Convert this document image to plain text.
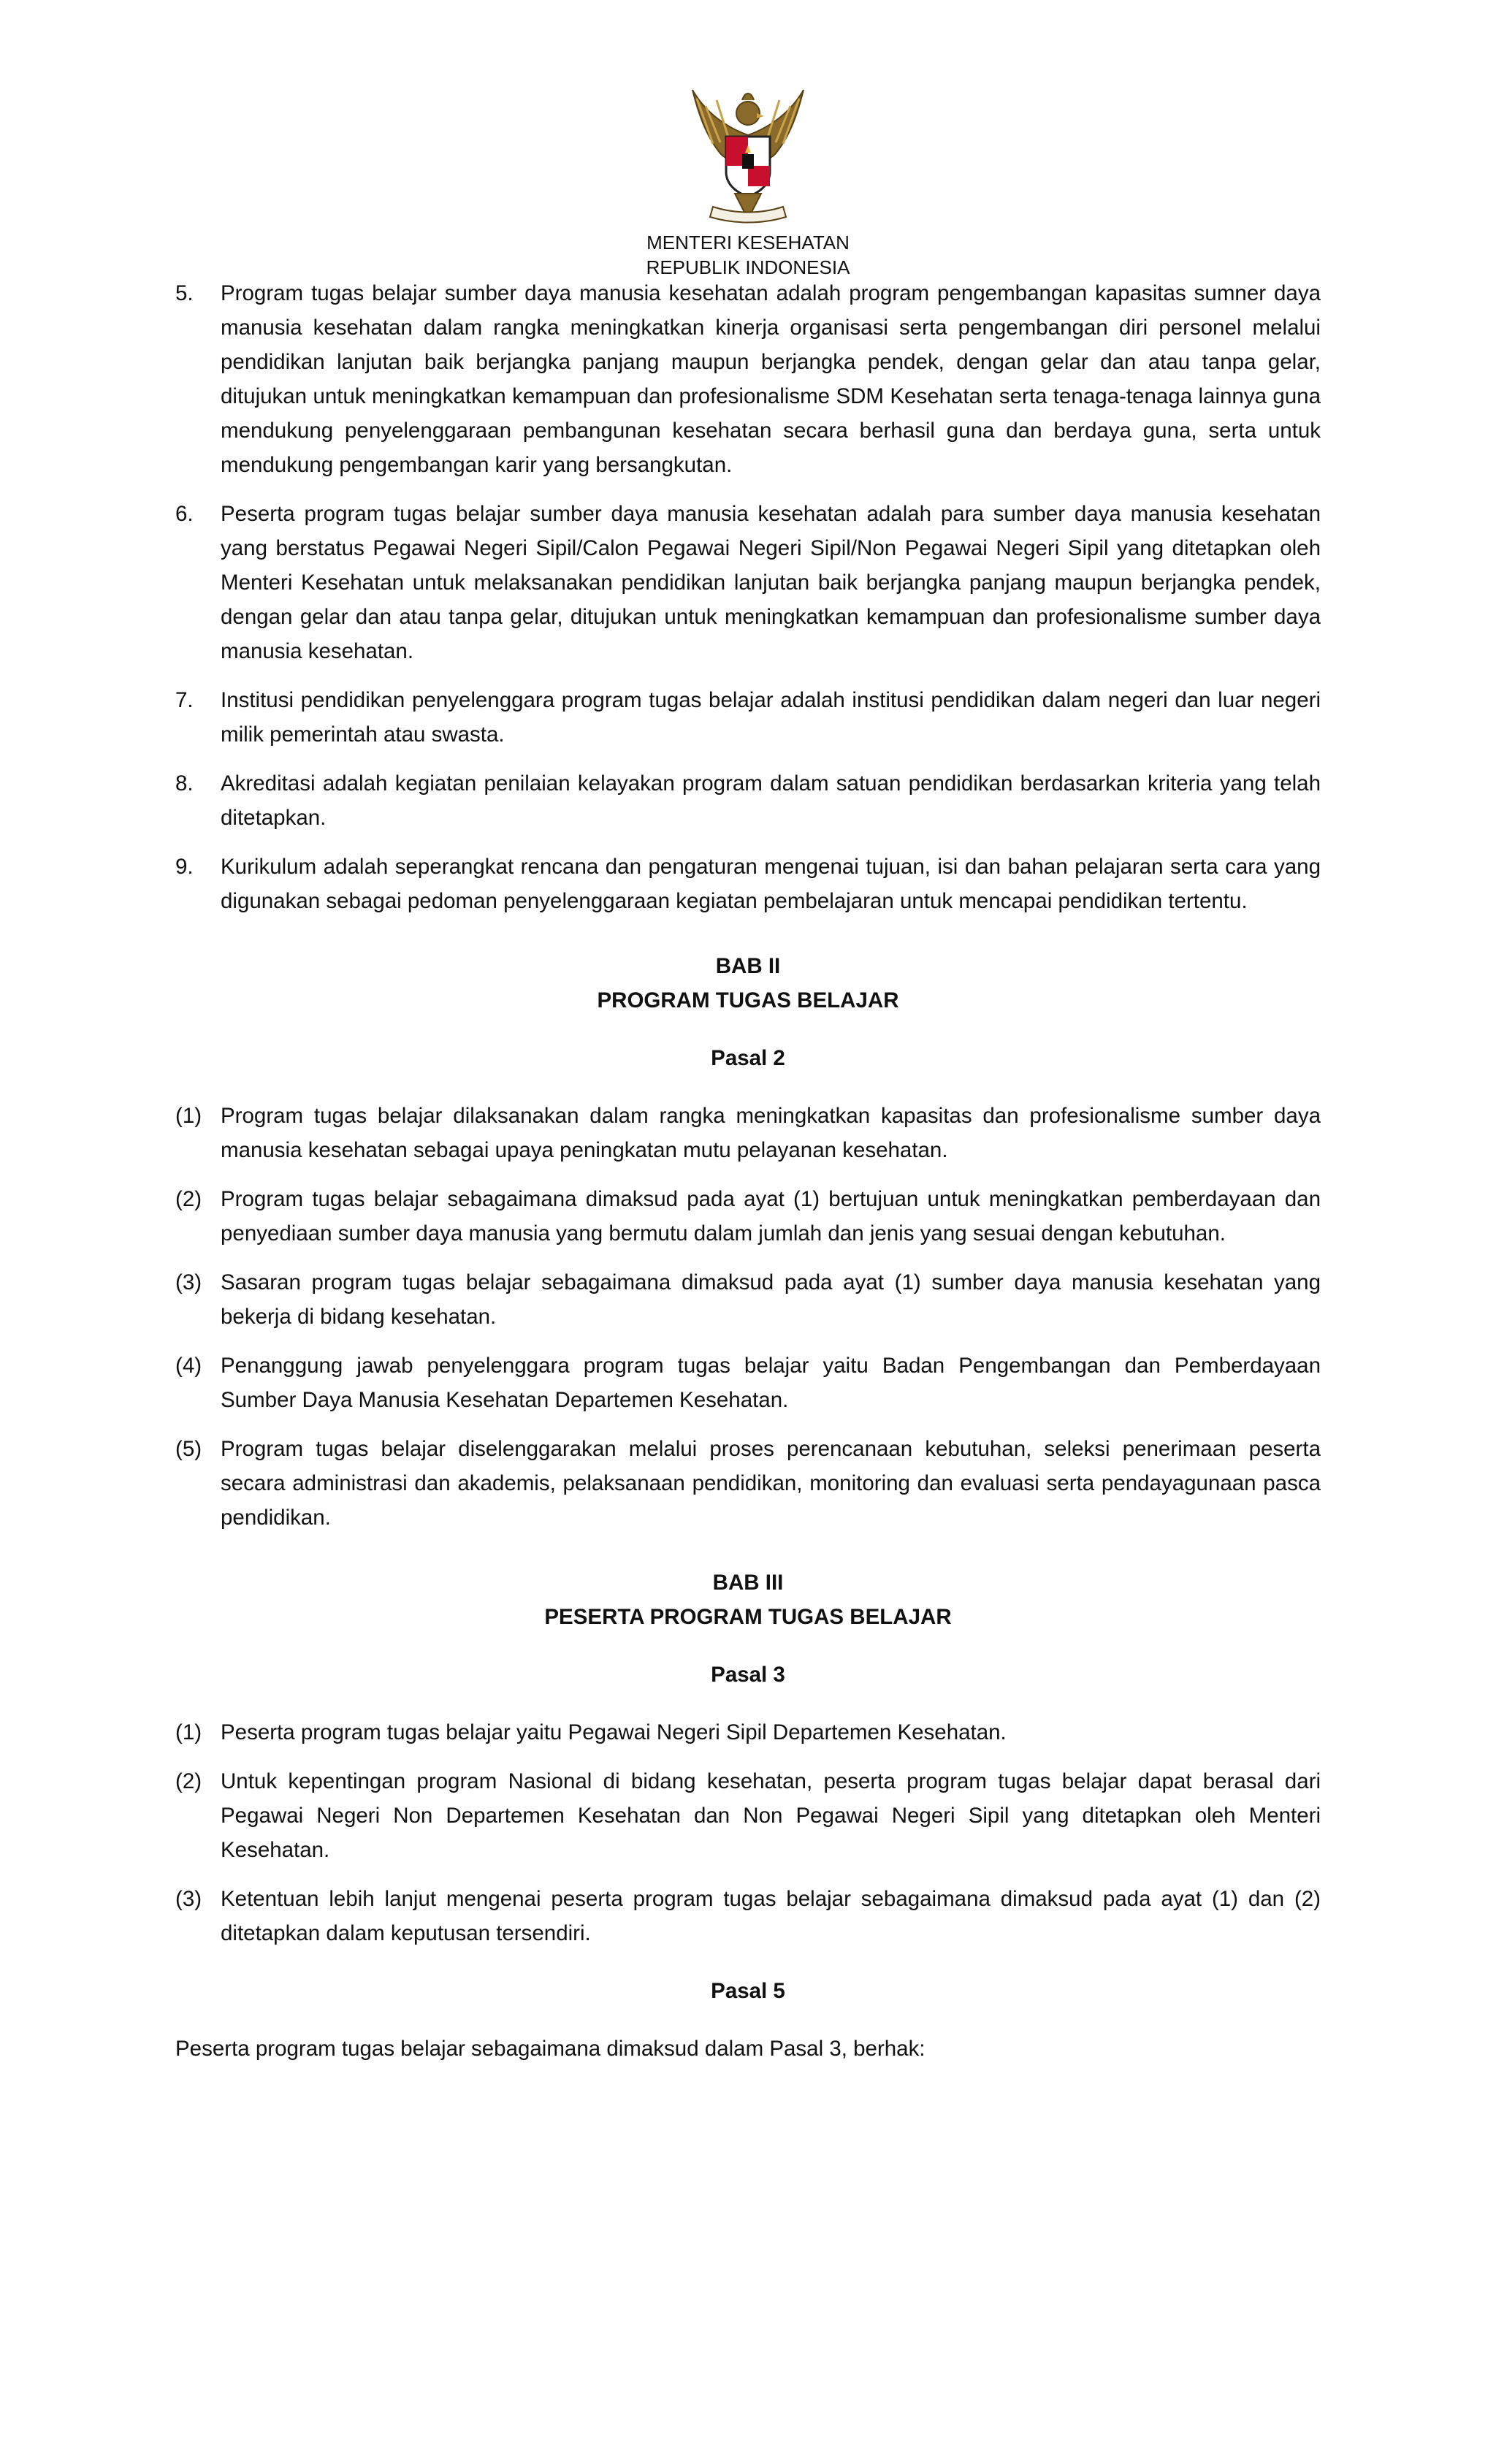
MENTERI KESEHATAN
REPUBLIK INDONESIA
5. Program tugas belajar sumber daya manusia kesehatan adalah program pengembangan kapasitas sumner daya manusia kesehatan dalam rangka meningkatkan kinerja organisasi serta pengembangan diri personel melalui pendidikan lanjutan baik berjangka panjang maupun berjangka pendek, dengan gelar dan atau tanpa gelar, ditujukan untuk meningkatkan kemampuan dan profesionalisme SDM Kesehatan serta tenaga-tenaga lainnya guna mendukung penyelenggaraan pembangunan kesehatan secara berhasil guna dan berdaya guna, serta untuk mendukung pengembangan karir yang bersangkutan.
6. Peserta program tugas belajar sumber daya manusia kesehatan adalah para sumber daya manusia kesehatan yang berstatus Pegawai Negeri Sipil/Calon Pegawai Negeri Sipil/Non Pegawai Negeri Sipil yang ditetapkan oleh Menteri Kesehatan untuk melaksanakan pendidikan lanjutan baik berjangka panjang maupun berjangka pendek, dengan gelar dan atau tanpa gelar, ditujukan untuk meningkatkan kemampuan dan profesionalisme sumber daya manusia kesehatan.
7. Institusi pendidikan penyelenggara program tugas belajar adalah institusi pendidikan dalam negeri dan luar negeri milik pemerintah atau swasta.
8. Akreditasi adalah kegiatan penilaian kelayakan program dalam satuan pendidikan berdasarkan kriteria yang telah ditetapkan.
9. Kurikulum adalah seperangkat rencana dan pengaturan mengenai tujuan, isi dan bahan pelajaran serta cara yang digunakan sebagai pedoman penyelenggaraan kegiatan pembelajaran untuk mencapai pendidikan tertentu.
BAB II
PROGRAM TUGAS BELAJAR
Pasal 2
(1) Program tugas belajar dilaksanakan dalam rangka meningkatkan kapasitas dan profesionalisme sumber daya manusia kesehatan sebagai upaya peningkatan mutu pelayanan kesehatan.
(2) Program tugas belajar sebagaimana dimaksud pada ayat (1) bertujuan untuk meningkatkan pemberdayaan dan penyediaan sumber daya manusia yang bermutu dalam jumlah dan jenis yang sesuai dengan kebutuhan.
(3) Sasaran program tugas belajar sebagaimana dimaksud pada ayat (1) sumber daya manusia kesehatan yang bekerja di bidang kesehatan.
(4) Penanggung jawab penyelenggara program tugas belajar yaitu Badan Pengembangan dan Pemberdayaan Sumber Daya Manusia Kesehatan Departemen Kesehatan.
(5) Program tugas belajar diselenggarakan melalui proses perencanaan kebutuhan, seleksi penerimaan peserta secara administrasi dan akademis, pelaksanaan pendidikan, monitoring dan evaluasi serta pendayagunaan pasca pendidikan.
BAB III
PESERTA PROGRAM TUGAS BELAJAR
Pasal 3
(1) Peserta program tugas belajar yaitu Pegawai Negeri Sipil Departemen Kesehatan.
(2) Untuk kepentingan program Nasional di bidang kesehatan, peserta program tugas belajar dapat berasal dari Pegawai Negeri Non Departemen Kesehatan dan Non Pegawai Negeri Sipil yang ditetapkan oleh Menteri Kesehatan.
(3) Ketentuan lebih lanjut mengenai peserta program tugas belajar sebagaimana dimaksud pada ayat (1) dan (2) ditetapkan dalam keputusan tersendiri.
Pasal 5
Peserta program tugas belajar sebagaimana dimaksud dalam Pasal 3, berhak:
